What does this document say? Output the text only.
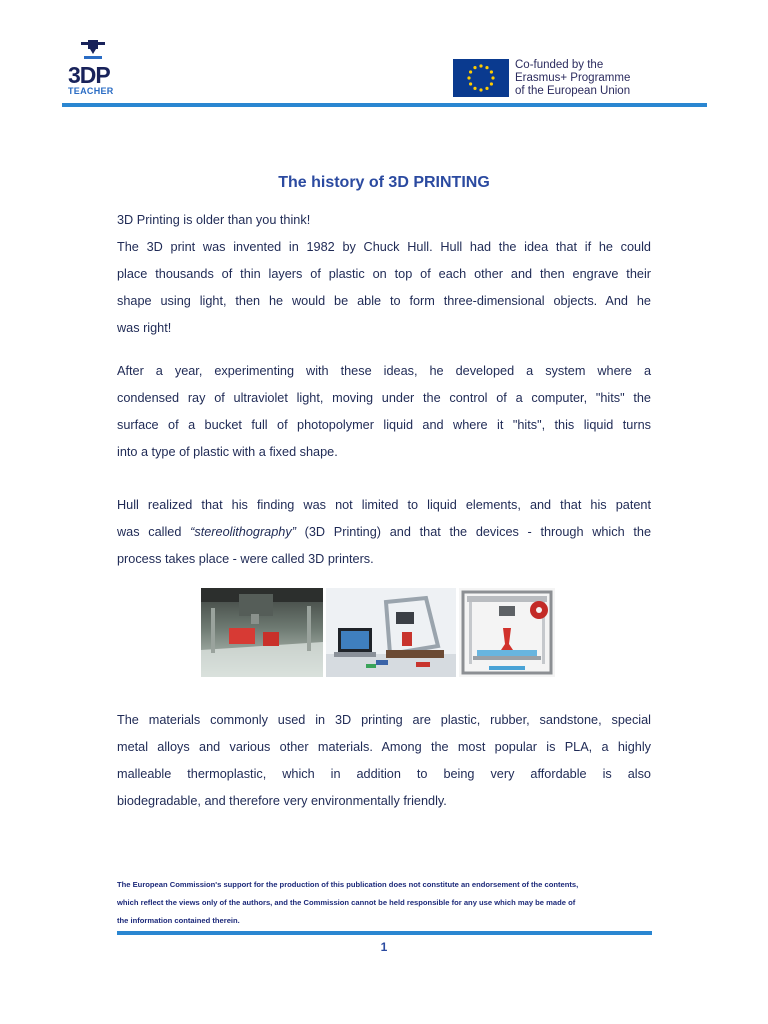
3DP
TEACHER
Co-funded by the
Erasmus+ Programme
of the European Union
The history of 3D PRINTING
3D Printing is older than you think!
The 3D print was invented in 1982 by Chuck Hull. Hull had the idea that if he could
place thousands of thin layers of plastic on top of each other and then engrave their
shape using light, then he would be able to form three-dimensional objects. And he
was right!
After a year, experimenting with these ideas, he developed a system where a
condensed ray of ultraviolet light, moving under the control of a computer, "hits" the
surface of a bucket full of photopolymer liquid and where it "hits", this liquid turns
into a type of plastic with a fixed shape.
Hull realized that his finding was not limited to liquid elements, and that his patent
was called “stereolithography” (3D Printing) and that the devices - through which the
process takes place - were called 3D printers.
The materials commonly used in 3D printing are plastic, rubber, sandstone, special
metal alloys and various other materials. Among the most popular is PLA, a highly
malleable thermoplastic, which in addition to being very affordable is also
biodegradable, and therefore very environmentally friendly.
The European Commission's support for the production of this publication does not constitute an endorsement of the contents,
which reflect the views only of the authors, and the Commission cannot be held responsible for any use which may be made of
the information contained therein.
1
